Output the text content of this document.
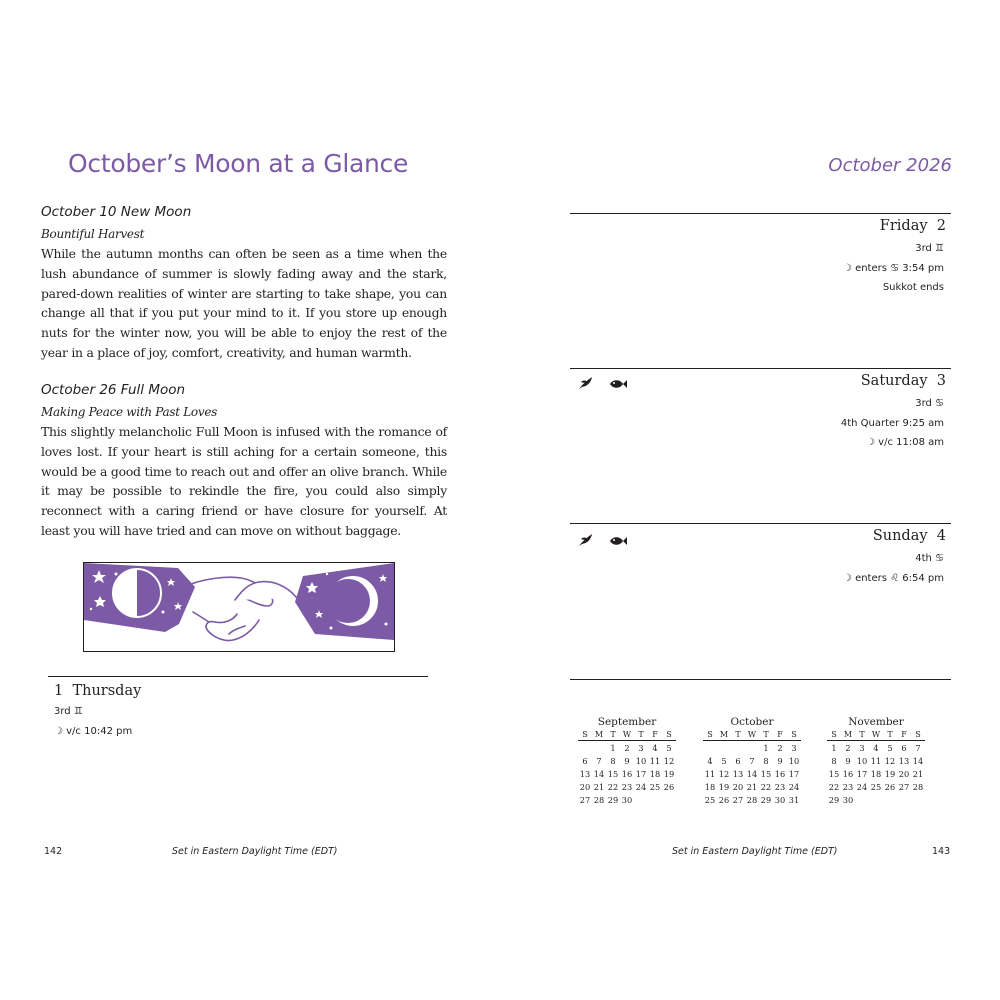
October’s Moon at a Glance
October 10 New Moon
Bountiful Harvest

While the autumn months can often be seen as a time when the lush abundance of summer is slowly fading away and the stark, pared-down realities of winter are starting to take shape, you can change all that if you put your mind to it. If you store up enough nuts for the winter now, you will be able to enjoy the rest of the year in a place of joy, comfort, creativity, and human warmth.

October 26 Full Moon
Making Peace with Past Loves

This slightly melancholic Full Moon is infused with the romance of loves lost. If your heart is still aching for a certain someone, this would be a good time to reach out and offer an olive branch. While it may be possible to rekindle the fire, you could also simply reconnect with a caring friend or have closure for yourself. At least you will have tried and can move on without baggage.

1 Thursday
3rd ♊
☽ v/c 10:42 pm
142	Set in Eastern Daylight Time (EDT)
October 2026
Friday 2
3rd ♊
☽ enters ♋ 3:54 pm
Sukkot ends

Saturday 3
3rd ♋
4th Quarter 9:25 am
☽ v/c 11:08 am

Sunday 4
4th ♋
☽ enters ♌ 6:54 pm
September
S	M	T	W	T	F	S
		1	2	3	4	5
6	7	8	9	10	11	12
13	14	15	16	17	18	19
20	21	22	23	24	25	26
27	28	29	30			
October
S	M	T	W	T	F	S
				1	2	3
4	5	6	7	8	9	10
11	12	13	14	15	16	17
18	19	20	21	22	23	24
25	26	27	28	29	30	31
November
S	M	T	W	T	F	S
1	2	3	4	5	6	7
8	9	10	11	12	13	14
15	16	17	18	19	20	21
22	23	24	25	26	27	28
29	30					
Set in Eastern Daylight Time (EDT)	143
